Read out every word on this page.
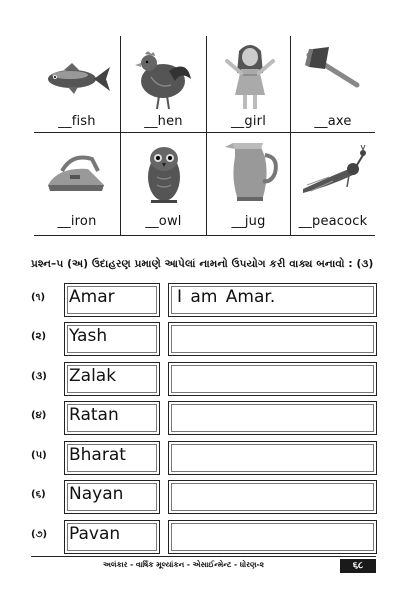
__fish	__hen	__girl	__axe
__iron	__owl	__jug	__peacock
પ્રશ્ન–૫ (અ) ઉદાહરણ પ્રમાણે આપેલાં નામનો ઉપયોગ કરી વાક્ય બનાવો : (૩)
(૧) Amar	I am Amar.
(૨) Yash
(૩) Zalak
(૪) Ratan
(૫) Bharat
(૬) Nayan
(૭) Pavan
અલંકાર - વાર્ષિક મૂલ્યાંકન - એસાઈન્મેન્ટ - ધોરણ-૨	૬૮
